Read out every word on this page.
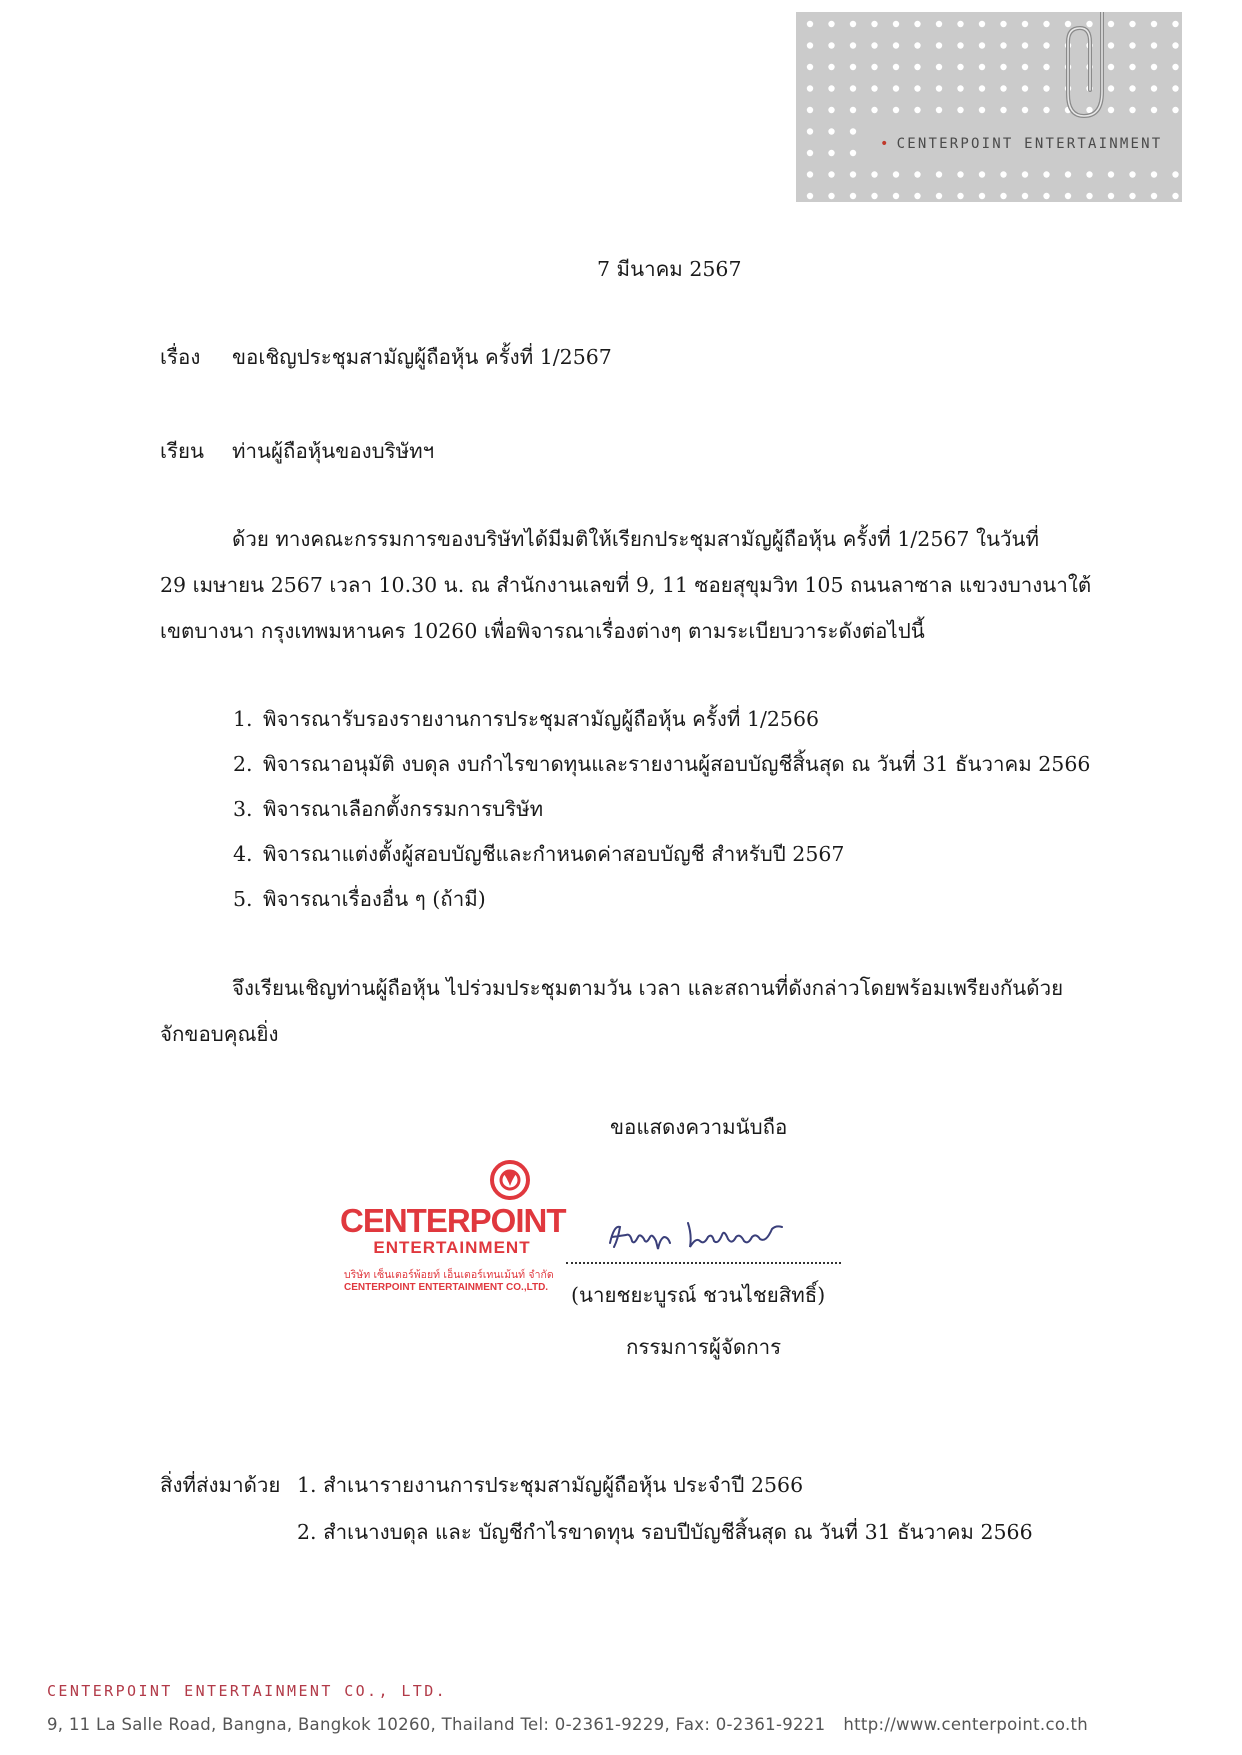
• CENTERPOINT ENTERTAINMENT
7 มีนาคม 2567
เรื่อง ขอเชิญประชุมสามัญผู้ถือหุ้น ครั้งที่ 1/2567
เรียน ท่านผู้ถือหุ้นของบริษัทฯ
ด้วย ทางคณะกรรมการของบริษัทได้มีมติให้เรียกประชุมสามัญผู้ถือหุ้น ครั้งที่ 1/2567 ในวันที่
29 เมษายน 2567 เวลา 10.30 น. ณ สำนักงานเลขที่ 9, 11 ซอยสุขุมวิท 105 ถนนลาซาล แขวงบางนาใต้
เขตบางนา กรุงเทพมหานคร 10260 เพื่อพิจารณาเรื่องต่างๆ ตามระเบียบวาระดังต่อไปนี้
1. พิจารณารับรองรายงานการประชุมสามัญผู้ถือหุ้น ครั้งที่ 1/2566
2. พิจารณาอนุมัติ งบดุล งบกำไรขาดทุนและรายงานผู้สอบบัญชีสิ้นสุด ณ วันที่ 31 ธันวาคม 2566
3. พิจารณาเลือกตั้งกรรมการบริษัท
4. พิจารณาแต่งตั้งผู้สอบบัญชีและกำหนดค่าสอบบัญชี สำหรับปี 2567
5. พิจารณาเรื่องอื่น ๆ (ถ้ามี)
จึงเรียนเชิญท่านผู้ถือหุ้น ไปร่วมประชุมตามวัน เวลา และสถานที่ดังกล่าวโดยพร้อมเพรียงกันด้วย
จักขอบคุณยิ่ง
ขอแสดงความนับถือ
CENTERPOINT
ENTERTAINMENT
บริษัท เซ็นเตอร์พ้อยท์ เอ็นเตอร์เทนเม้นท์ จำกัด
CENTERPOINT ENTERTAINMENT CO.,LTD.	(นายชยะบูรณ์ ชวนไชยสิทธิ์)
กรรมการผู้จัดการ
สิ่งที่ส่งมาด้วย 1. สำเนารายงานการประชุมสามัญผู้ถือหุ้น ประจำปี 2566
2. สำเนางบดุล และ บัญชีกำไรขาดทุน รอบปีบัญชีสิ้นสุด ณ วันที่ 31 ธันวาคม 2566
CENTERPOINT ENTERTAINMENT CO., LTD.
9, 11 La Salle Road, Bangna, Bangkok 10260, Thailand Tel: 0-2361-9229, Fax: 0-2361-9221 http://www.centerpoint.co.th
